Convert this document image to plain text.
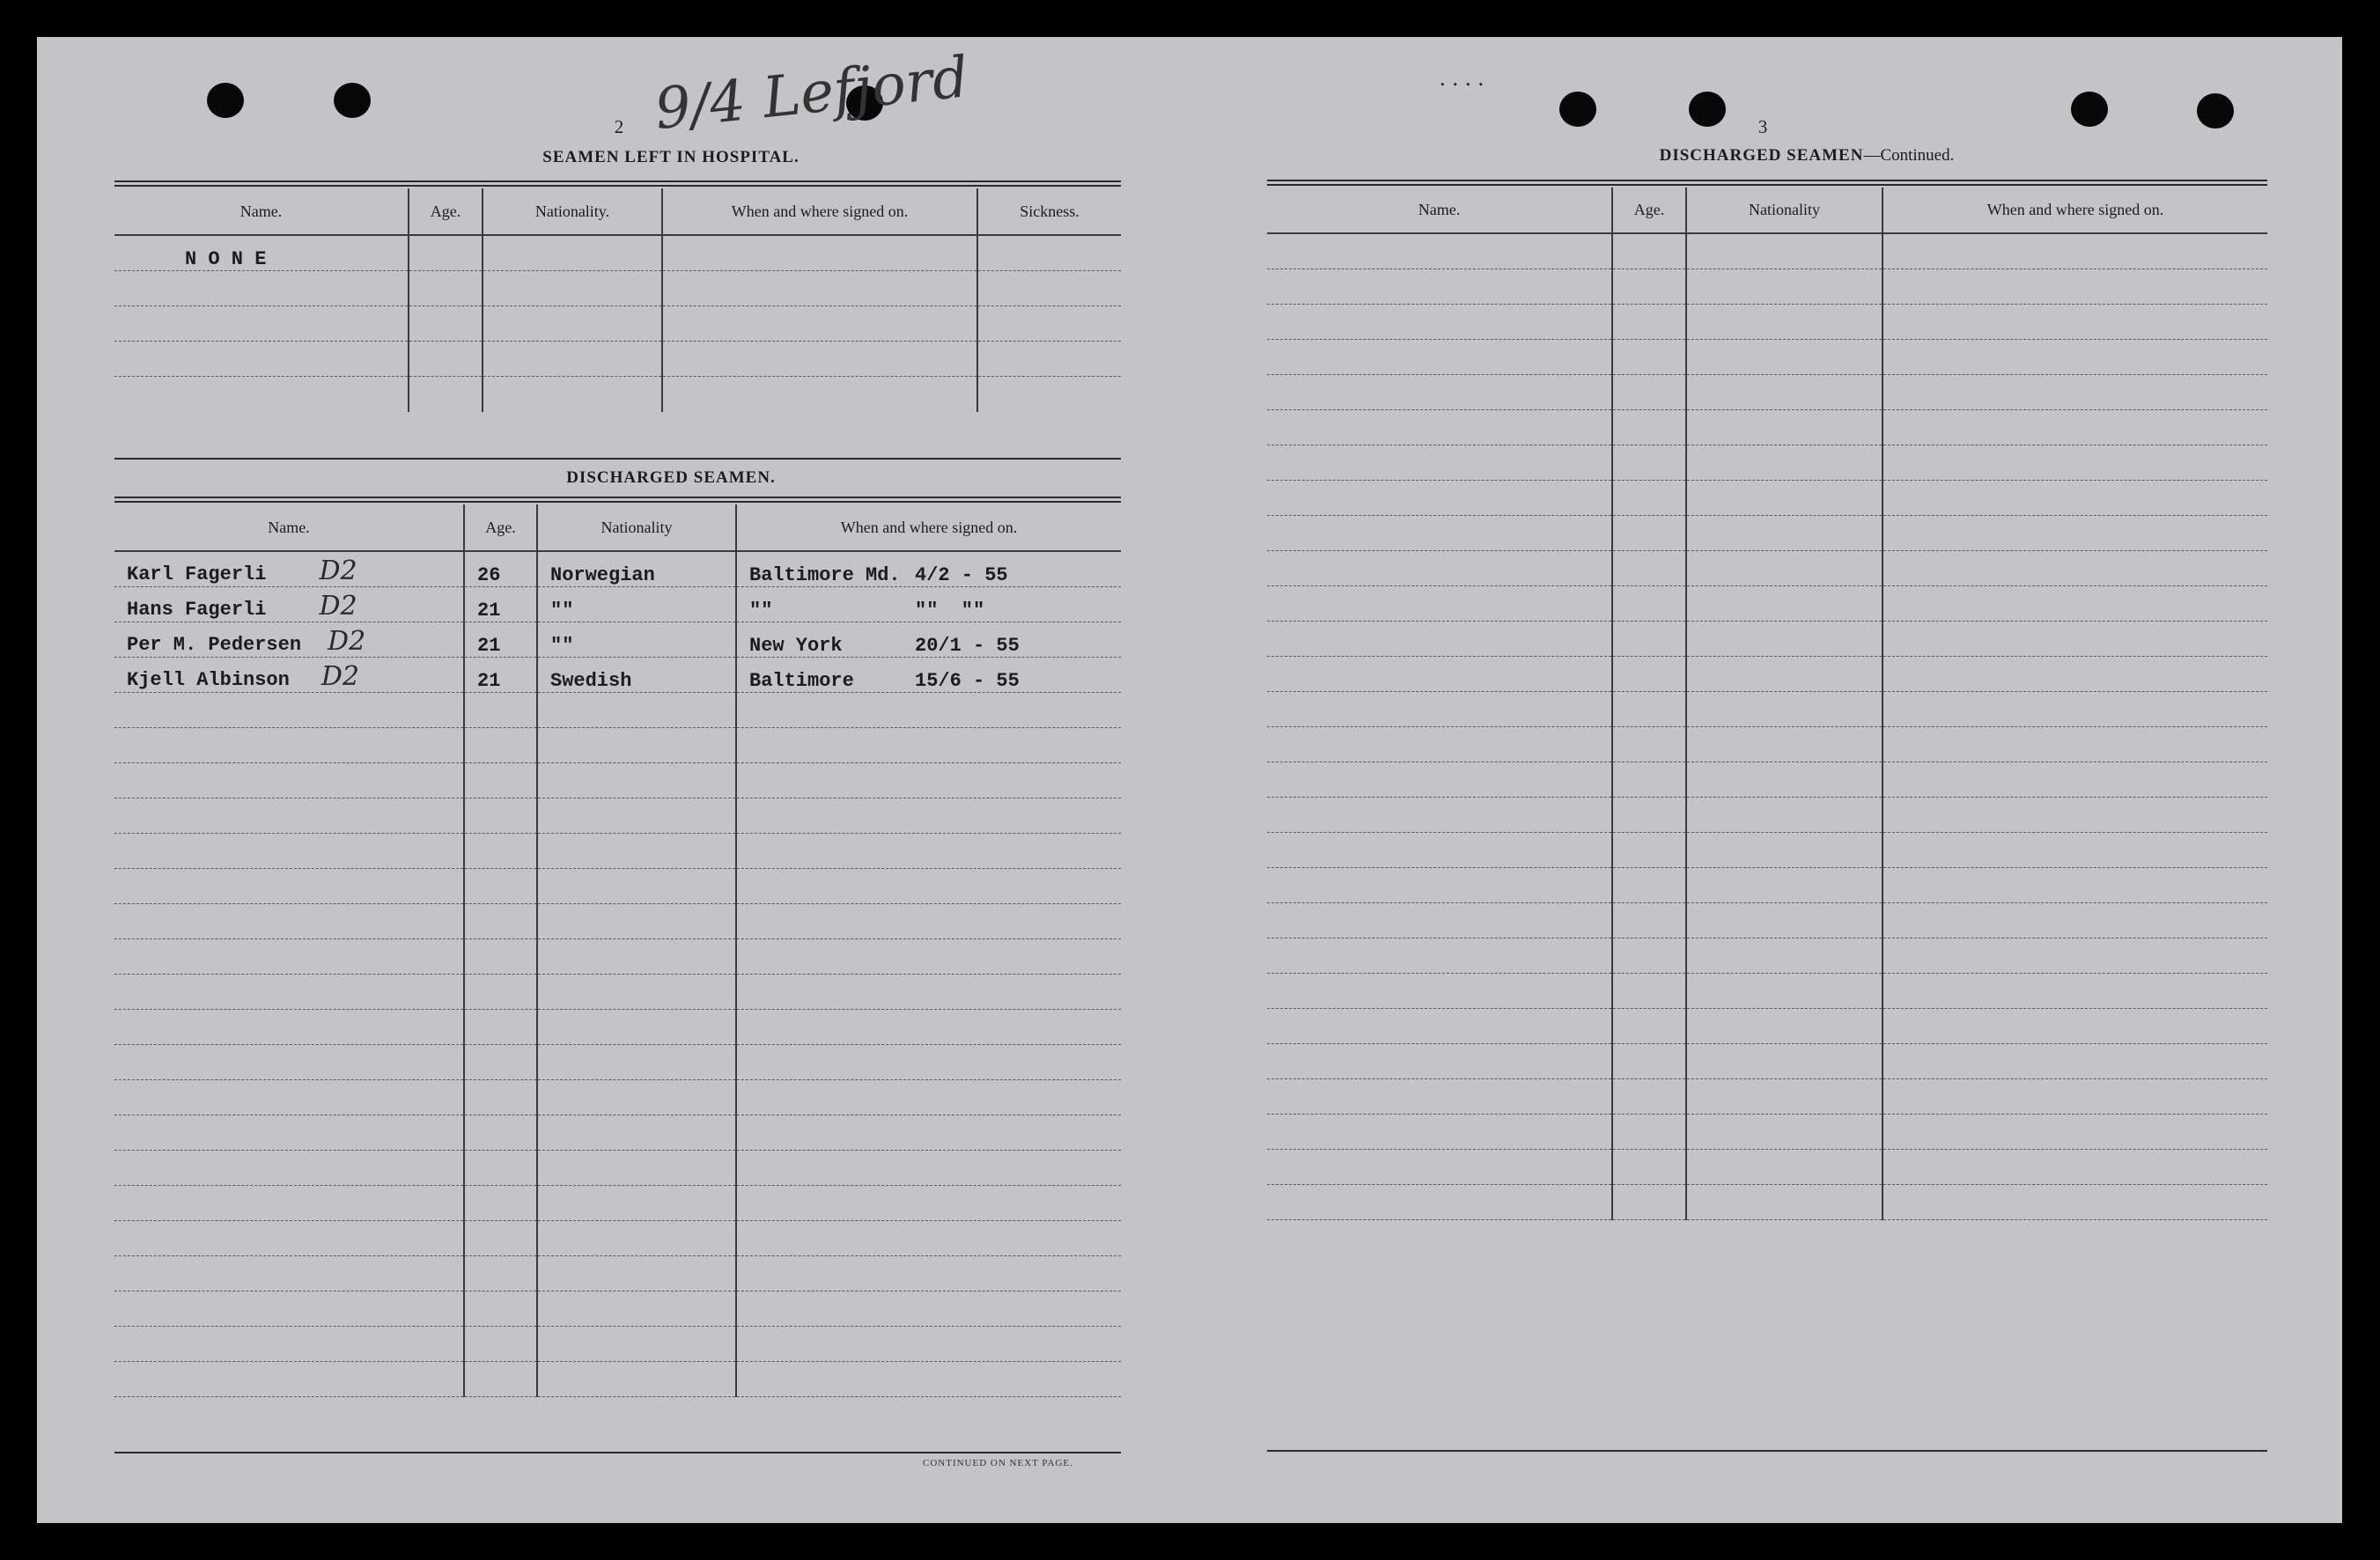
2 9/4 Lefjord
SEAMEN LEFT IN HOSPITAL.
Name.	Age.	Nationality.	When and where signed on.	Sickness.
N O N E				

DISCHARGED SEAMEN.
Name.	Age.	Nationality	When and where signed on.
Karl Fagerli D2	26	Norwegian	Baltimore Md. 4/2 - 55
Hans Fagerli D2	21	""	"" ""  ""
Per M. Pedersen D2	21	""	New York 20/1 - 55
Kjell Albinson D2	21	Swedish	Baltimore 15/6 - 55

CONTINUED ON NEXT PAGE.
....
3
DISCHARGED SEAMEN—Continued.
Name.	Age.	Nationality	When and where signed on.
